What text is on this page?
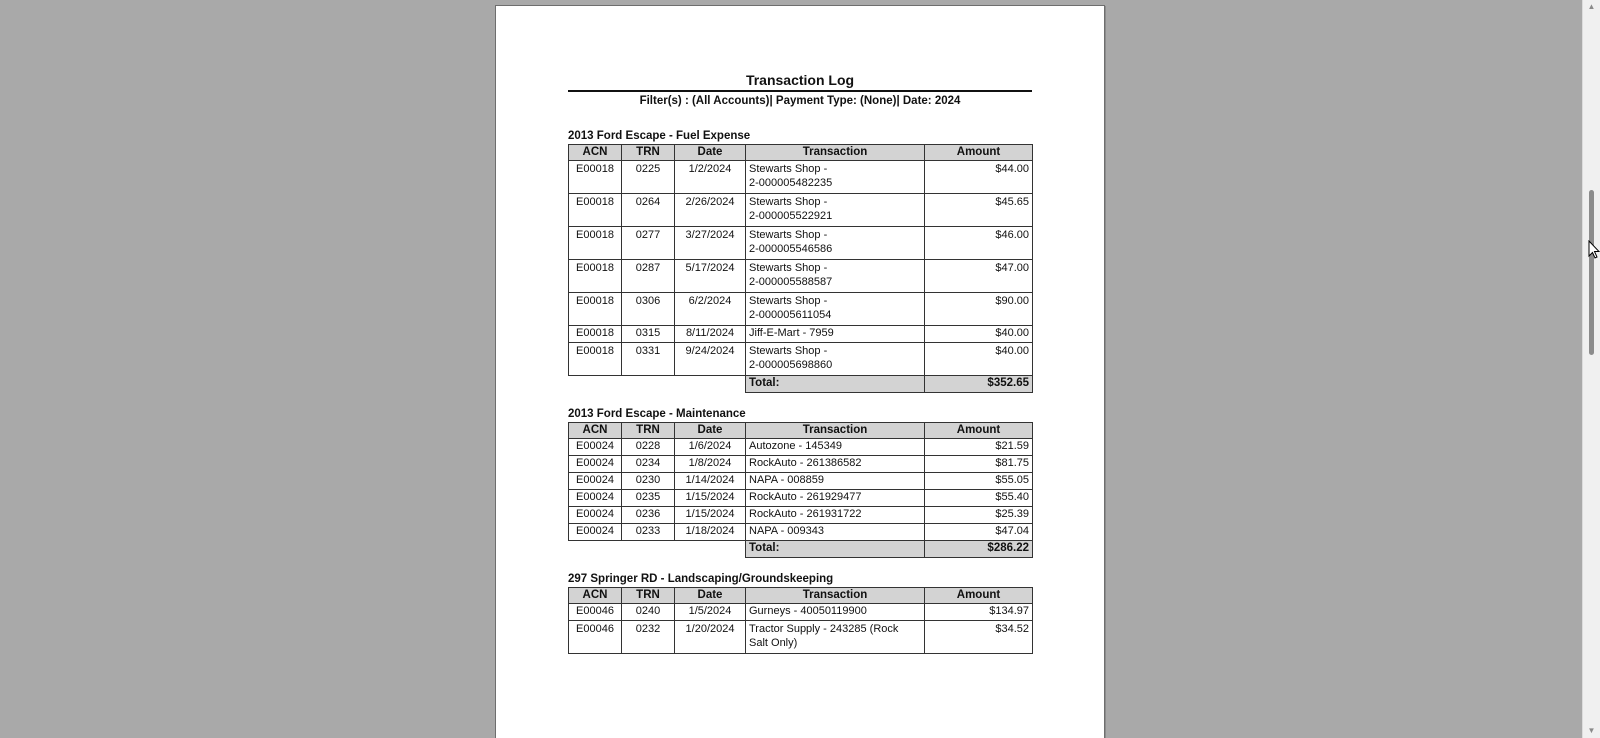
Transaction Log
Filter(s) : (All Accounts)| Payment Type: (None)| Date: 2024
2013 Ford Escape - Fuel Expense
ACN	TRN	Date	Transaction	Amount
E00018	0225	1/2/2024	Stewarts Shop -
2-000005482235	$44.00
E00018	0264	2/26/2024	Stewarts Shop -
2-000005522921	$45.65
E00018	0277	3/27/2024	Stewarts Shop -
2-000005546586	$46.00
E00018	0287	5/17/2024	Stewarts Shop -
2-000005588587	$47.00
E00018	0306	6/2/2024	Stewarts Shop -
2-000005611054	$90.00
E00018	0315	8/11/2024	Jiff-E-Mart - 7959	$40.00
E00018	0331	9/24/2024	Stewarts Shop -
2-000005698860	$40.00
			Total:	$352.65
2013 Ford Escape - Maintenance
ACN	TRN	Date	Transaction	Amount
E00024	0228	1/6/2024	Autozone - 145349	$21.59
E00024	0234	1/8/2024	RockAuto - 261386582	$81.75
E00024	0230	1/14/2024	NAPA - 008859	$55.05
E00024	0235	1/15/2024	RockAuto - 261929477	$55.40
E00024	0236	1/15/2024	RockAuto - 261931722	$25.39
E00024	0233	1/18/2024	NAPA - 009343	$47.04
			Total:	$286.22
297 Springer RD - Landscaping/Groundskeeping
ACN	TRN	Date	Transaction	Amount
E00046	0240	1/5/2024	Gurneys - 40050119900	$134.97
E00046	0232	1/20/2024	Tractor Supply - 243285 (Rock
Salt Only)	$34.52
▲
▼
